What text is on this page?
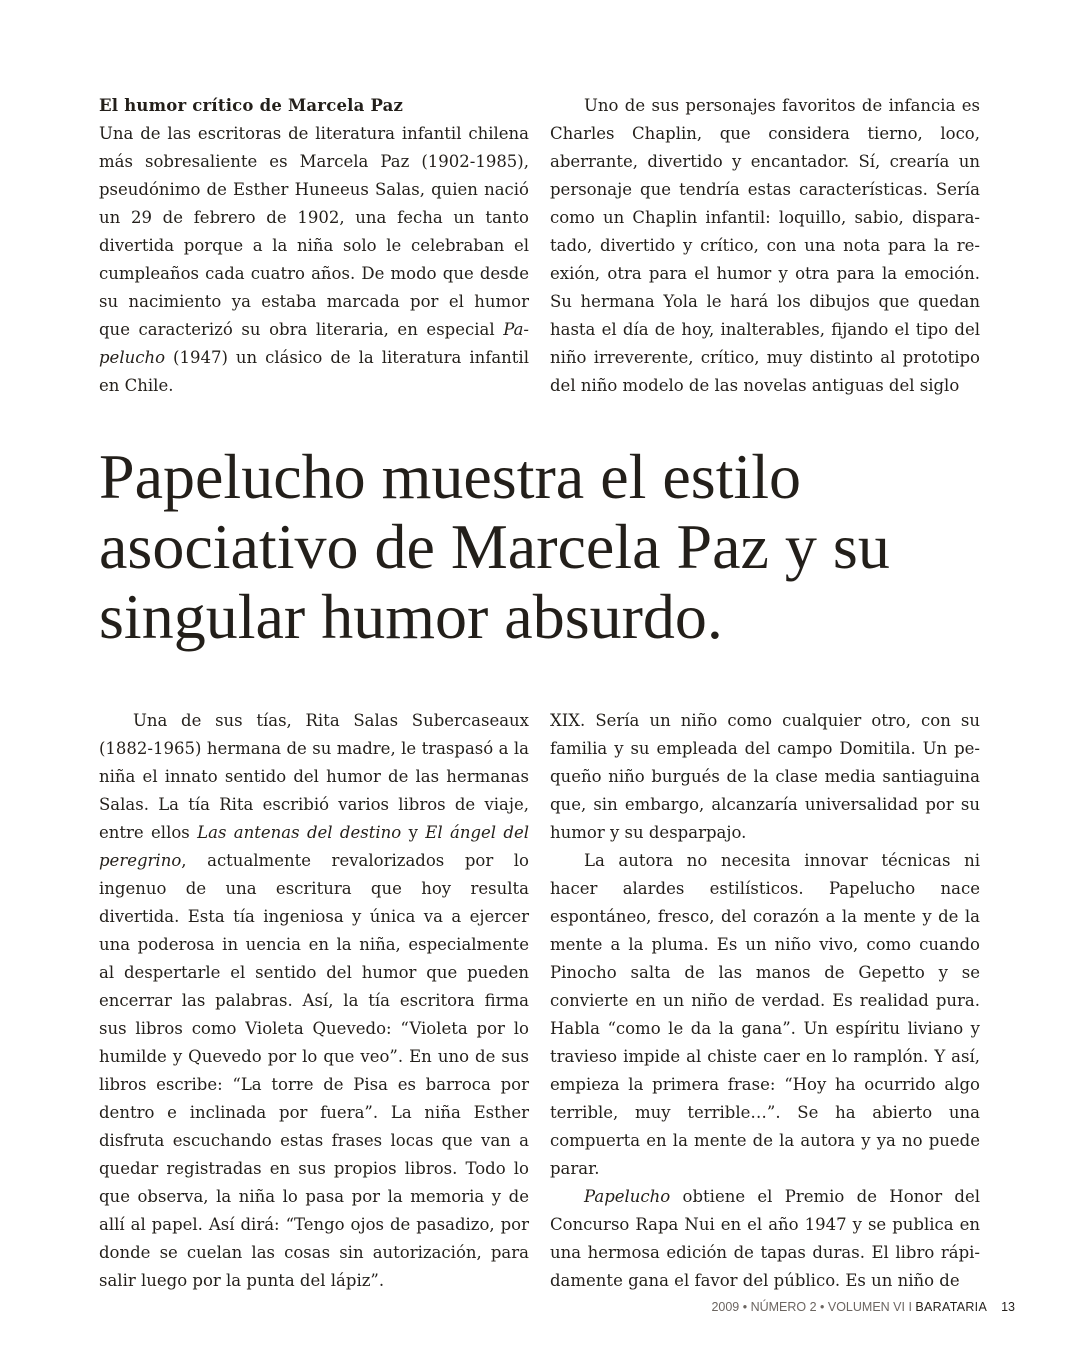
El humor crítico de Marcela Paz

Una de las escritoras de literatura infantil chilena más sobresaliente es Marcela Paz (1902-1985), pseudónimo de Esther Huneeus Salas, quien nació un 29 de febrero de 1902, una fecha un tanto divertida porque a la niña solo le celebraban el cumpleaños cada cuatro años. De modo que desde su nacimiento ya estaba marcada por el humor que caracterizó su obra literaria, en especial Papelucho (1947) un clásico de la literatura infantil en Chile.

Uno de sus personajes favoritos de infancia es Charles Chaplin, que considera tierno, loco, aberrante, divertido y encantador. Sí, crearía un personaje que tendría estas características. Sería como un Chaplin infantil: loquillo, sabio, disparatado, divertido y crítico, con una nota para la re exión, otra para el humor y otra para la emoción. Su hermana Yola le hará los dibujos que quedan hasta el día de hoy, inalterables, fijando el tipo del niño irreverente, crítico, muy distinto al prototipo del niño modelo de las novelas antiguas del siglo

Papelucho muestra el estilo asociativo de Marcela Paz y su singular humor absurdo.

Una de sus tías, Rita Salas Subercaseaux (1882-1965) hermana de su madre, le traspasó a la niña el innato sentido del humor de las hermanas Salas. La tía Rita escribió varios libros de viaje, entre ellos Las antenas del destino y El ángel del peregrino, actualmente revalorizados por lo ingenuo de una escritura que hoy resulta divertida. Esta tía ingeniosa y única va a ejercer una poderosa in uencia en la niña, especialmente al despertarle el sentido del humor que pueden encerrar las palabras. Así, la tía escritora firma sus libros como Violeta Quevedo: “Violeta por lo humilde y Quevedo por lo que veo”. En uno de sus libros escribe: “La torre de Pisa es barroca por dentro e inclinada por fuera”. La niña Esther disfruta escuchando estas frases locas que van a quedar registradas en sus propios libros. Todo lo que observa, la niña lo pasa por la memoria y de allí al papel. Así dirá: “Tengo ojos de pasadizo, por donde se cuelan las cosas sin autorización, para salir luego por la punta del lápiz”.

XIX. Sería un niño como cualquier otro, con su familia y su empleada del campo Domitila. Un pequeño niño burgués de la clase media santiaguina que, sin embargo, alcanzaría universalidad por su humor y su desparpajo.

La autora no necesita innovar técnicas ni hacer alardes estilísticos. Papelucho nace espontáneo, fresco, del corazón a la mente y de la mente a la pluma. Es un niño vivo, como cuando Pinocho salta de las manos de Gepetto y se convierte en un niño de verdad. Es realidad pura. Habla “como le da la gana”. Un espíritu liviano y travieso impide al chiste caer en lo ramplón. Y así, empieza la primera frase: “Hoy ha ocurrido algo terrible, muy terrible…”. Se ha abierto una compuerta en la mente de la autora y ya no puede parar.

Papelucho obtiene el Premio de Honor del Concurso Rapa Nui en el año 1947 y se publica en una hermosa edición de tapas duras. El libro rápidamente gana el favor del público. Es un niño de

2009 • NÚMERO 2 • VOLUMEN VI I BARATARIA 13
